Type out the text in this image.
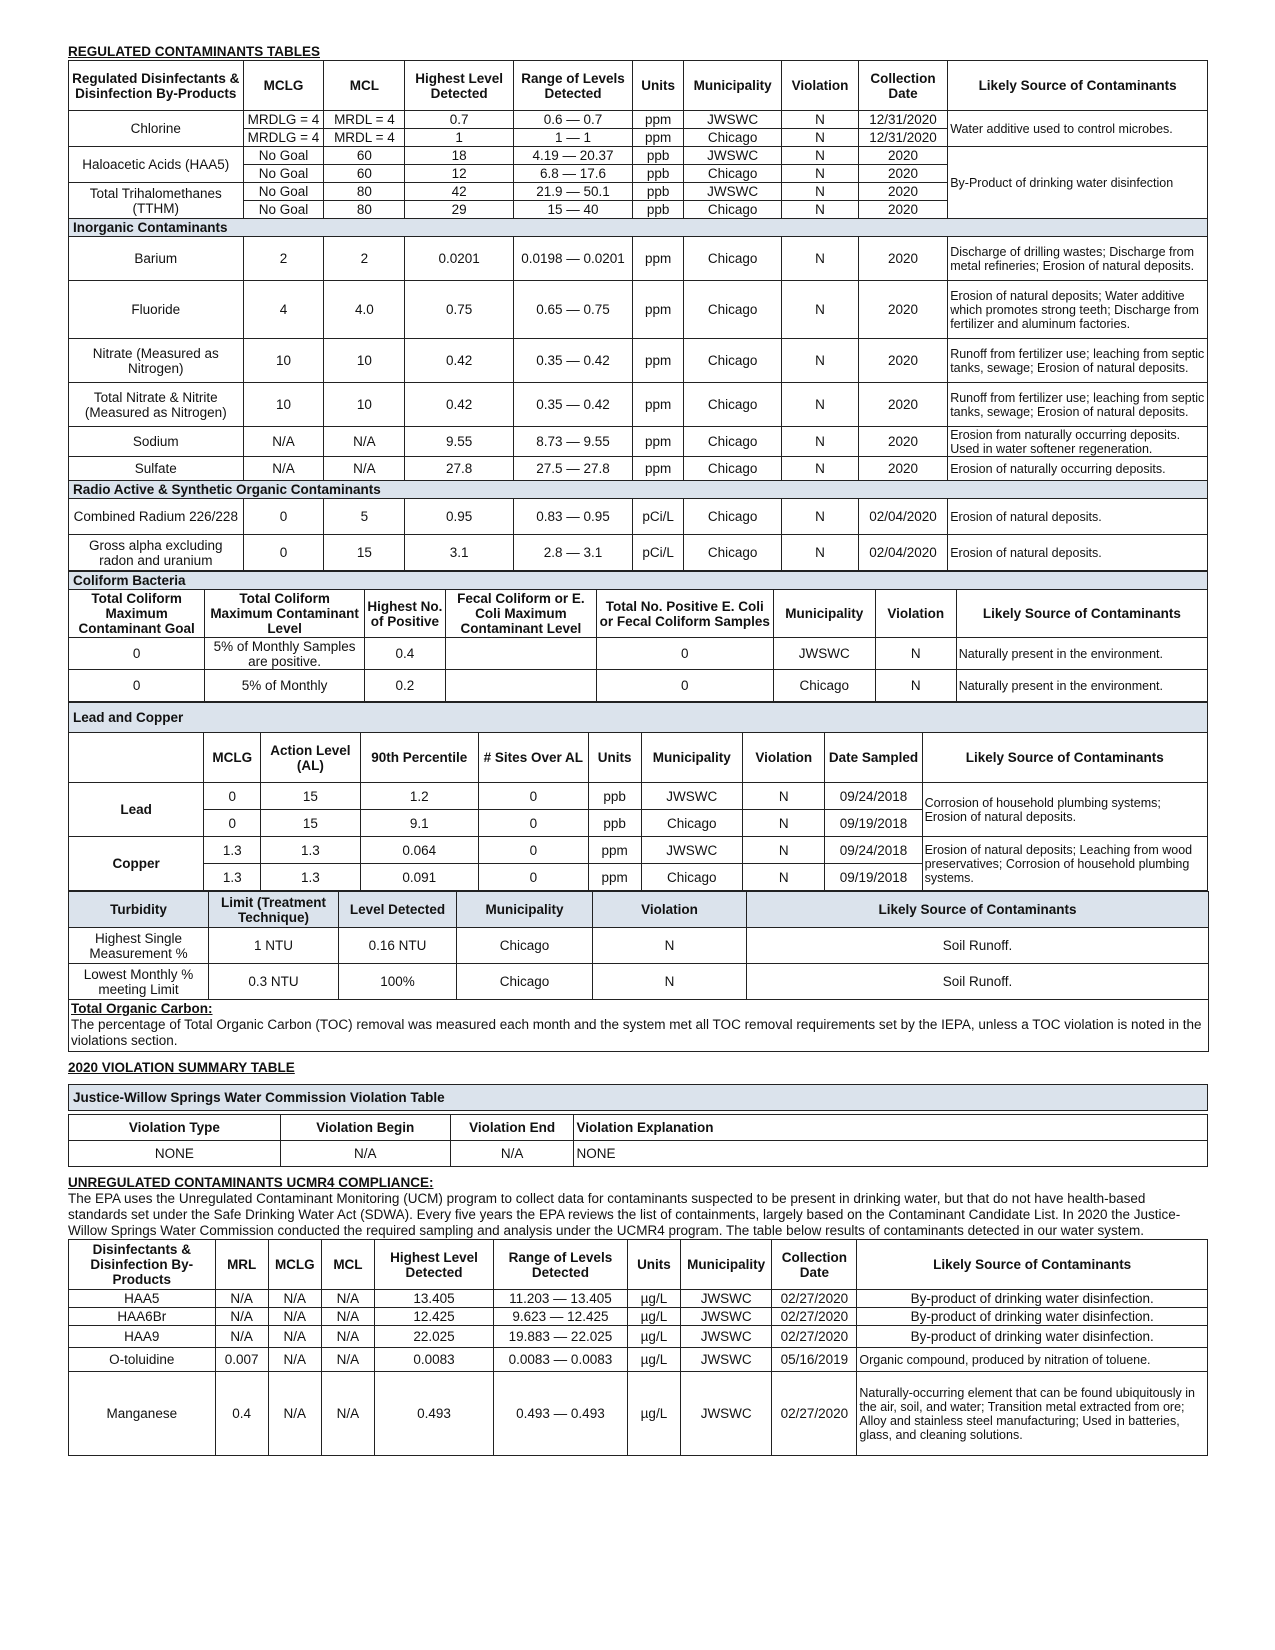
REGULATED CONTAMINANTS TABLES
Regulated Disinfectants & Disinfection By-Products	MCLG	MCL	Highest Level Detected	Range of Levels Detected	Units	Municipality	Violation	Collection Date	Likely Source of Contaminants
Chlorine	MRDLG = 4	MRDL = 4	0.7	0.6 — 0.7	ppm	JWSWC	N	12/31/2020	Water additive used to control microbes.
	MRDLG = 4	MRDL = 4	1	1 — 1	ppm	Chicago	N	12/31/2020	
Haloacetic Acids (HAA5)	No Goal	60	18	4.19 — 20.37	ppb	JWSWC	N	2020	By-Product of drinking water disinfection
	No Goal	60	12	6.8 — 17.6	ppb	Chicago	N	2020	
Total Trihalomethanes (TTHM)	No Goal	80	42	21.9 — 50.1	ppb	JWSWC	N	2020	
	No Goal	80	29	15 — 40	ppb	Chicago	N	2020	
Inorganic Contaminants									
Barium	2	2	0.0201	0.0198 — 0.0201	ppm	Chicago	N	2020	Discharge of drilling wastes; Discharge from metal refineries; Erosion of natural deposits.
Fluoride	4	4.0	0.75	0.65 — 0.75	ppm	Chicago	N	2020	Erosion of natural deposits; Water additive which promotes strong teeth; Discharge from fertilizer and aluminum factories.
Nitrate (Measured as Nitrogen)	10	10	0.42	0.35 — 0.42	ppm	Chicago	N	2020	Runoff from fertilizer use; leaching from septic tanks, sewage; Erosion of natural deposits.
Total Nitrate & Nitrite (Measured as Nitrogen)	10	10	0.42	0.35 — 0.42	ppm	Chicago	N	2020	Runoff from fertilizer use; leaching from septic tanks, sewage; Erosion of natural deposits.
Sodium	N/A	N/A	9.55	8.73 — 9.55	ppm	Chicago	N	2020	Erosion from naturally occurring deposits. Used in water softener regeneration.
Sulfate	N/A	N/A	27.8	27.5 — 27.8	ppm	Chicago	N	2020	Erosion of naturally occurring deposits.
Radio Active & Synthetic Organic Contaminants									
Combined Radium 226/228	0	5	0.95	0.83 — 0.95	pCi/L	Chicago	N	02/04/2020	Erosion of natural deposits.
Gross alpha excluding radon and uranium	0	15	3.1	2.8 — 3.1	pCi/L	Chicago	N	02/04/2020	Erosion of natural deposits.
Coliform Bacteria							
Total Coliform Maximum Contaminant Goal	Total Coliform Maximum Contaminant Level	Highest No. of Positive	Fecal Coliform or E. Coli Maximum Contaminant Level	Total No. Positive E. Coli or Fecal Coliform Samples	Municipality	Violation	Likely Source of Contaminants
0	5% of Monthly Samples are positive.	0.4		0	JWSWC	N	Naturally present in the environment.
0	5% of Monthly	0.2		0	Chicago	N	Naturally present in the environment.
Lead and Copper									
	MCLG	Action Level (AL)	90th Percentile	# Sites Over AL	Units	Municipality	Violation	Date Sampled	Likely Source of Contaminants
Lead	0	15	1.2	0	ppb	JWSWC	N	09/24/2018	Corrosion of household plumbing systems; Erosion of natural deposits.
	0	15	9.1	0	ppb	Chicago	N	09/19/2018	
Copper	1.3	1.3	0.064	0	ppm	JWSWC	N	09/24/2018	Erosion of natural deposits; Leaching from wood preservatives; Corrosion of household plumbing systems.
	1.3	1.3	0.091	0	ppm	Chicago	N	09/19/2018	
Turbidity	Limit (Treatment Technique)	Level Detected	Municipality	Violation	Likely Source of Contaminants
Highest Single Measurement %	1 NTU	0.16 NTU	Chicago	N	Soil Runoff.
Lowest Monthly % meeting Limit	0.3 NTU	100%	Chicago	N	Soil Runoff.

Total Organic Carbon:
The percentage of Total Organic Carbon (TOC) removal was measured each month and the system met all TOC removal requirements set by the IEPA, unless a TOC violation is noted in the violations section.					
2020 VIOLATION SUMMARY TABLE
Justice-Willow Springs Water Commission Violation Table			

Violation Type	Violation Begin	Violation End	Violation Explanation
NONE	N/A	N/A	NONE
UNREGULATED CONTAMINANTS UCMR4 COMPLIANCE:
The EPA uses the Unregulated Contaminant Monitoring (UCM) program to collect data for contaminants suspected to be present in drinking water, but that do not have health-based standards set under the Safe Drinking Water Act (SDWA). Every five years the EPA reviews the list of containments, largely based on the Contaminant Candidate List. In 2020 the Justice-Willow Springs Water Commission conducted the required sampling and analysis under the UCMR4 program. The table below results of contaminants detected in our water system.
Disinfectants & Disinfection By-Products	MRL	MCLG	MCL	Highest Level Detected	Range of Levels Detected	Units	Municipality	Collection Date	Likely Source of Contaminants
HAA5	N/A	N/A	N/A	13.405	11.203 — 13.405	µg/L	JWSWC	02/27/2020	By-product of drinking water disinfection.
HAA6Br	N/A	N/A	N/A	12.425	9.623 — 12.425	µg/L	JWSWC	02/27/2020	By-product of drinking water disinfection.
HAA9	N/A	N/A	N/A	22.025	19.883 — 22.025	µg/L	JWSWC	02/27/2020	By-product of drinking water disinfection.
O-toluidine	0.007	N/A	N/A	0.0083	0.0083 — 0.0083	µg/L	JWSWC	05/16/2019	Organic compound, produced by nitration of toluene.
Manganese	0.4	N/A	N/A	0.493	0.493 — 0.493	µg/L	JWSWC	02/27/2020	Naturally-occurring element that can be found ubiquitously in the air, soil, and water; Transition metal extracted from ore; Alloy and stainless steel manufacturing; Used in batteries, glass, and cleaning solutions.
